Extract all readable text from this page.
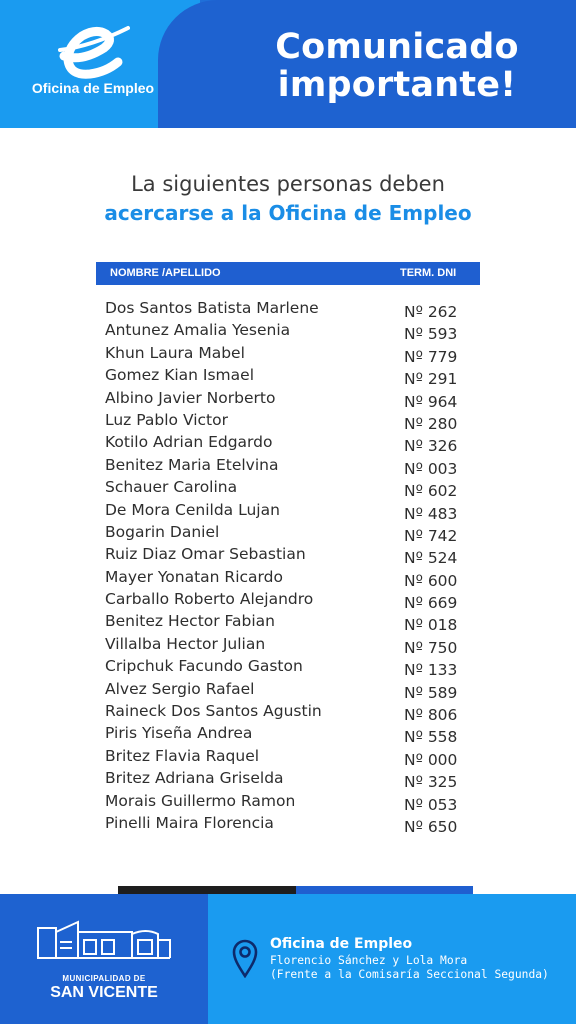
Oficina de Empleo
Comunicado
importante!
La siguientes personas deben
acercarse a la Oficina de Empleo
NOMBRE /APELLIDO	TERM. DNI
Dos Santos Batista Marlene	Nº 262
Antunez Amalia Yesenia	Nº 593
Khun Laura Mabel	Nº 779
Gomez Kian Ismael	Nº 291
Albino Javier Norberto	Nº 964
Luz Pablo Victor	Nº 280
Kotilo Adrian Edgardo	Nº 326
Benitez Maria Etelvina	Nº 003
Schauer Carolina	Nº 602
De Mora Cenilda Lujan	Nº 483
Bogarin Daniel	Nº 742
Ruiz Diaz Omar Sebastian	Nº 524
Mayer Yonatan Ricardo	Nº 600
Carballo Roberto Alejandro	Nº 669
Benitez Hector Fabian	Nº 018
Villalba Hector Julian	Nº 750
Cripchuk Facundo Gaston	Nº 133
Alvez Sergio Rafael	Nº 589
Raineck Dos Santos Agustin	Nº 806
Piris Yiseña Andrea	Nº 558
Britez Flavia Raquel	Nº 000
Britez Adriana Griselda	Nº 325
Morais Guillermo Ramon	Nº 053
Pinelli Maira Florencia	Nº 650
MUNICIPALIDAD DE
SAN VICENTE
Oficina de Empleo
Florencio Sánchez y Lola Mora
(Frente a la Comisaría Seccional Segunda)
